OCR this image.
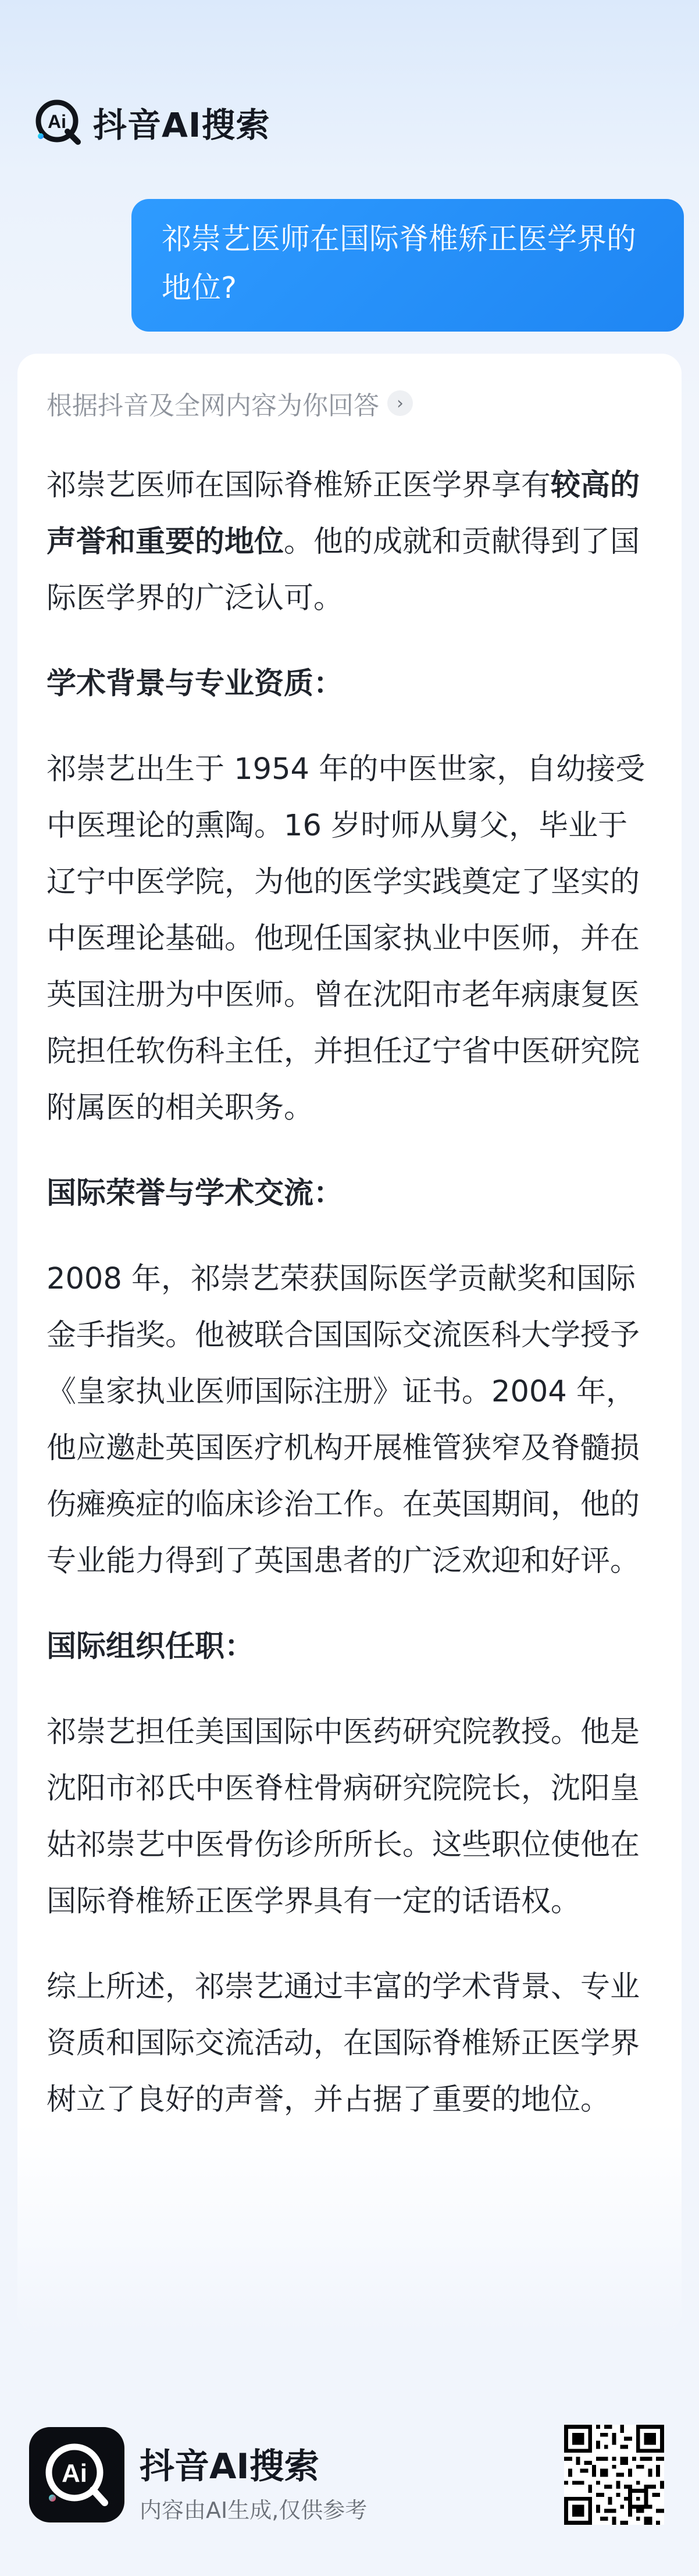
Ai 抖音AI搜索
祁崇艺医师在国际脊椎矫正医学界的地位?
根据抖音及全网内容为你回答	›

祁崇艺医师在国际脊椎矫正医学界享有较高的声誉和重要的地位。他的成就和贡献得到了国际医学界的广泛认可。

学术背景与专业资质：

祁崇艺出生于 1954 年的中医世家，自幼接受中医理论的熏陶。16 岁时师从舅父，毕业于辽宁中医学院，为他的医学实践奠定了坚实的中医理论基础。他现任国家执业中医师，并在英国注册为中医师。曾在沈阳市老年病康复医院担任软伤科主任，并担任辽宁省中医研究院附属医的相关职务。

国际荣誉与学术交流：

2008 年，祁崇艺荣获国际医学贡献奖和国际金手指奖。他被联合国国际交流医科大学授予《皇家执业医师国际注册》证书。2004 年，他应邀赴英国医疗机构开展椎管狭窄及脊髓损伤瘫痪症的临床诊治工作。在英国期间，他的专业能力得到了英国患者的广泛欢迎和好评。

国际组织任职：

祁崇艺担任美国国际中医药研究院教授。他是沈阳市祁氏中医脊柱骨病研究院院长，沈阳皇姑祁崇艺中医骨伤诊所所长。这些职位使他在国际脊椎矫正医学界具有一定的话语权。

综上所述，祁崇艺通过丰富的学术背景、专业资质和国际交流活动，在国际脊椎矫正医学界树立了良好的声誉，并占据了重要的地位。

Ai 抖音AI搜索
内容由AI生成,仅供参考
